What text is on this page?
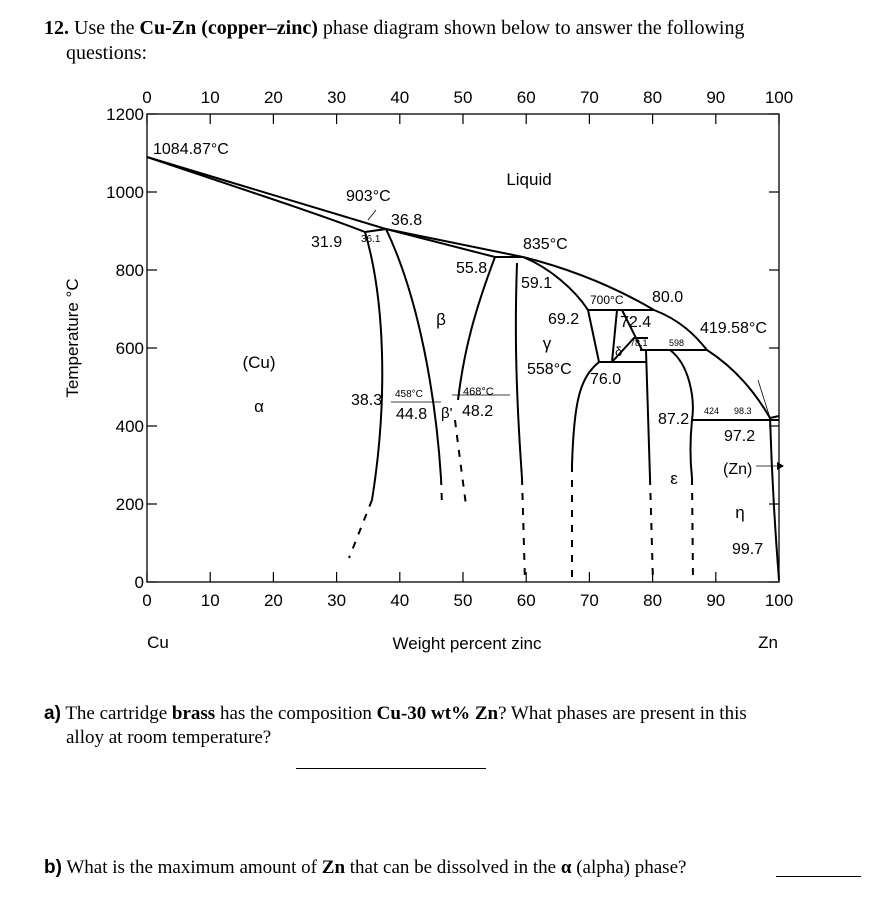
12. Use the Cu-Zn (copper–zinc) phase diagram shown below to answer the following
questions:
0	10	20	30	40	50	60	70	80	90 100
0	10	20	30	40	50	60	70	80	90 100
0
200
400
600
800
1000
1200
Weight percent zinc
Temperature °C
Cu	Zn
Liquid
(Cu)
α
β
β'
γ	δ
ε
η
(Zn)
1084.87°C
903°C
36.8
31.9 36.1	835°C
55.8
59.1
700°C 80.0
69.2	72.4
78.1 598
419.58°C
558°C
76.0
38.3 458°C	468°C
44.8 48.2	87.2 424 98.3
97.2
99.7
a) The cartridge brass has the composition Cu-30 wt% Zn? What phases are present in this
alloy at room temperature?
b) What is the maximum amount of Zn that can be dissolved in the α (alpha) phase?
